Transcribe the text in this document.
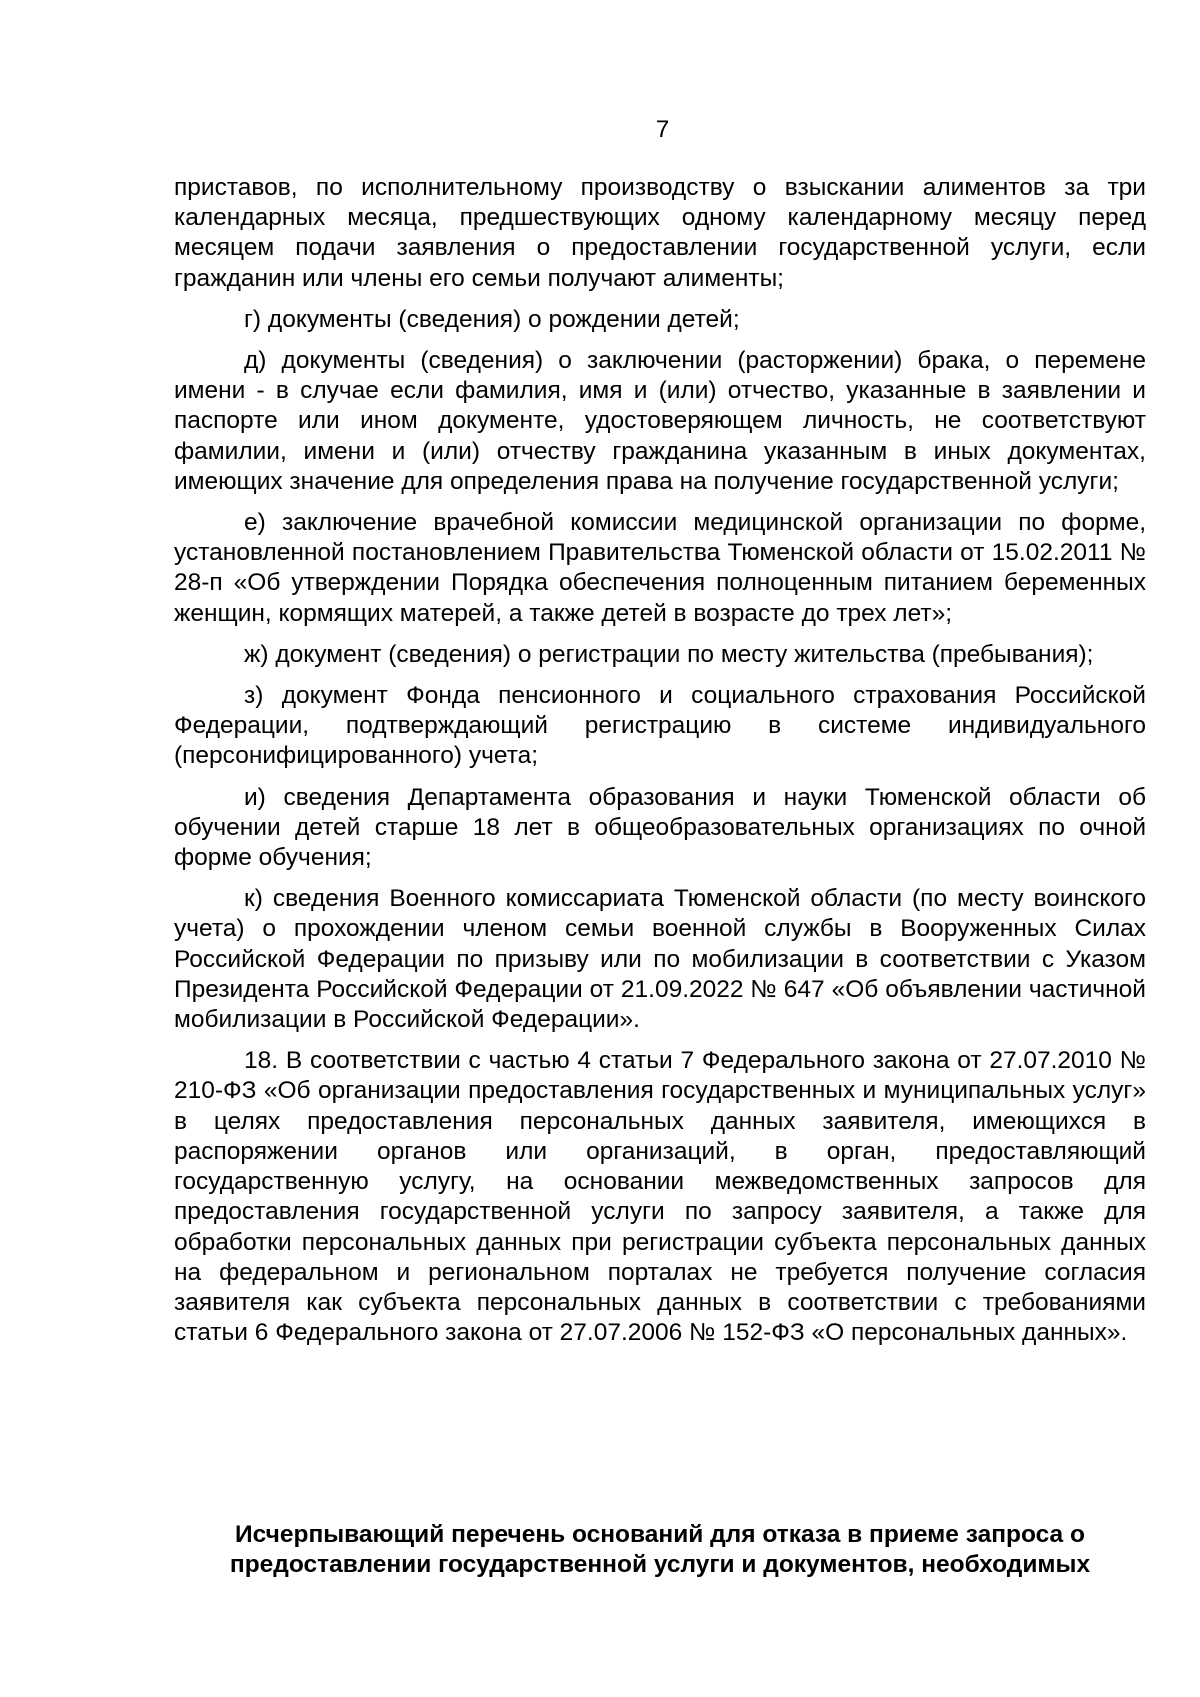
7

приставов, по исполнительному производству о взыскании алиментов за три календарных месяца, предшествующих одному календарному месяцу перед месяцем подачи заявления о предоставлении государственной услуги, если гражданин или члены его семьи получают алименты;

г) документы (сведения) о рождении детей;

д) документы (сведения) о заключении (расторжении) брака, о перемене имени - в случае если фамилия, имя и (или) отчество, указанные в заявлении и паспорте или ином документе, удостоверяющем личность, не соответствуют фамилии, имени и (или) отчеству гражданина указанным в иных документах, имеющих значение для определения права на получение государственной услуги;

е) заключение врачебной комиссии медицинской организации по форме, установленной постановлением Правительства Тюменской области от 15.02.2011 № 28-п «Об утверждении Порядка обеспечения полноценным питанием беременных женщин, кормящих матерей, а также детей в возрасте до трех лет»;

ж) документ (сведения) о регистрации по месту жительства (пребывания);

з) документ Фонда пенсионного и социального страхования Российской Федерации, подтверждающий регистрацию в системе индивидуального (персонифицированного) учета;

и) сведения Департамента образования и науки Тюменской области об обучении детей старше 18 лет в общеобразовательных организациях по очной форме обучения;

к) сведения Военного комиссариата Тюменской области (по месту воинского учета) о прохождении членом семьи военной службы в Вооруженных Силах Российской Федерации по призыву или по мобилизации в соответствии с Указом Президента Российской Федерации от 21.09.2022 № 647 «Об объявлении частичной мобилизации в Российской Федерации».

18. В соответствии с частью 4 статьи 7 Федерального закона от 27.07.2010 № 210-ФЗ «Об организации предоставления государственных и муниципальных услуг» в целях предоставления персональных данных заявителя, имеющихся в распоряжении органов или организаций, в орган, предоставляющий государственную услугу, на основании межведомственных запросов для предоставления государственной услуги по запросу заявителя, а также для обработки персональных данных при регистрации субъекта персональных данных на федеральном и региональном порталах не требуется получение согласия заявителя как субъекта персональных данных в соответствии с требованиями статьи 6 Федерального закона от 27.07.2006 № 152-ФЗ «О персональных данных».

Исчерпывающий перечень оснований для отказа в приеме запроса о
предоставлении государственной услуги и документов, необходимых
